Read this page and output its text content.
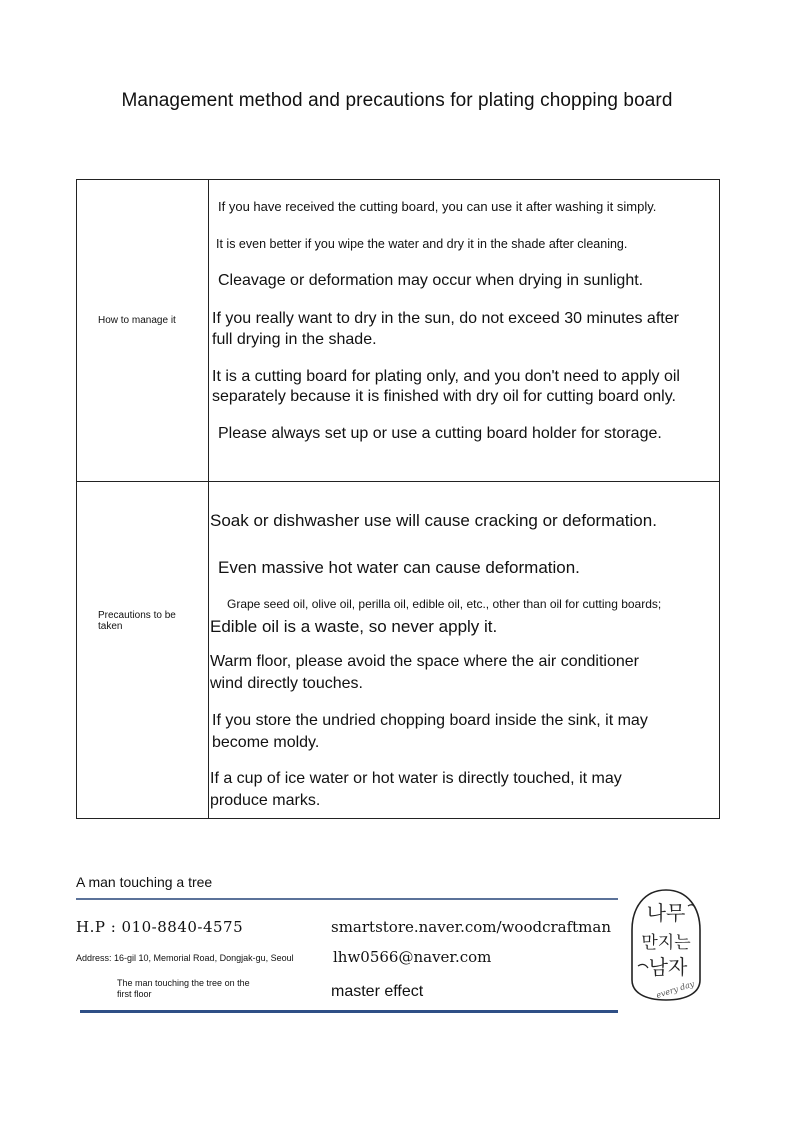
Management method and precautions for plating chopping board
How to manage it
If you have received the cutting board, you can use it after washing it simply.
It is even better if you wipe the water and dry it in the shade after cleaning.
Cleavage or deformation may occur when drying in sunlight.
If you really want to dry in the sun, do not exceed 30 minutes after
full drying in the shade.
It is a cutting board for plating only, and you don't need to apply oil
separately because it is finished with dry oil for cutting board only.
Please always set up or use a cutting board holder for storage.
Precautions to be taken
Soak or dishwasher use will cause cracking or deformation.
Even massive hot water can cause deformation.
Grape seed oil, olive oil, perilla oil, edible oil, etc., other than oil for cutting boards;
Edible oil is a waste, so never apply it.
Warm floor, please avoid the space where the air conditioner
wind directly touches.
If you store the undried chopping board inside the sink, it may
become moldy.
If a cup of ice water or hot water is directly touched, it may
produce marks.
A man touching a tree
H.P : 010-8840-4575
Address: 16-gil 10, Memorial Road, Dongjak-gu, Seoul
The man touching the tree on the first floor
smartstore.naver.com/woodcraftman
lhw0566@naver.com
master effect
나무
만지는
남자
every day
